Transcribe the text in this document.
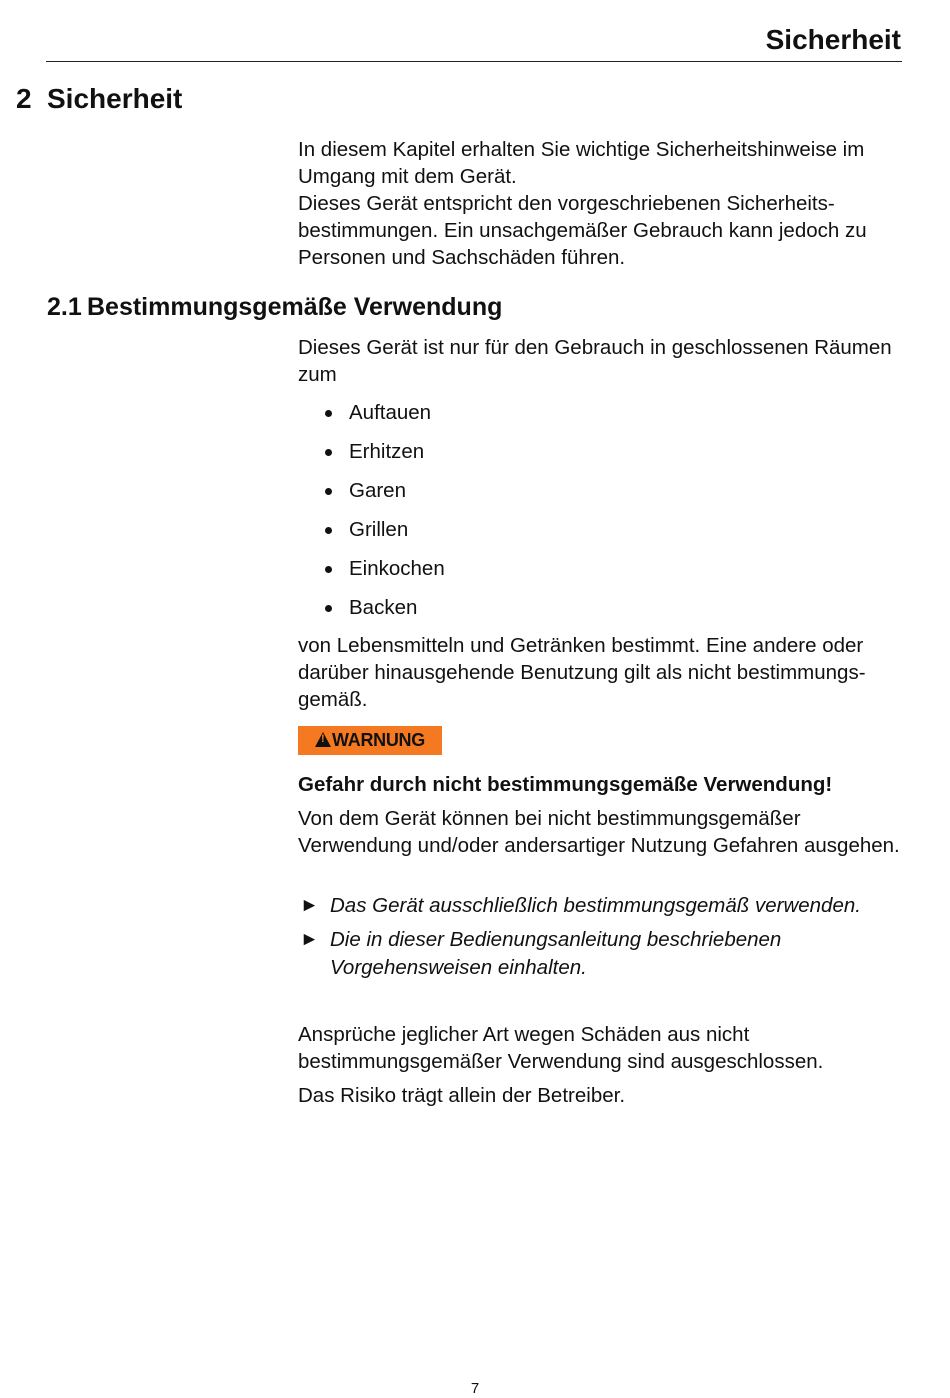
Sicherheit
2 Sicherheit

In diesem Kapitel erhalten Sie wichtige Sicherheitshinweise im Umgang mit dem Gerät.

Dieses Gerät entspricht den vorgeschriebenen Sicherheitsbestimmungen. Ein unsachgemäßer Gebrauch kann jedoch zu Personen und Sachschäden führen.

2.1 Bestimmungsgemäße Verwendung

Dieses Gerät ist nur für den Gebrauch in geschlossenen Räumen zum

Auftauen
Erhitzen
Garen
Grillen
Einkochen
Backen

von Lebensmitteln und Getränken bestimmt. Eine andere oder darüber hinausgehende Benutzung gilt als nicht bestimmungsgemäß.

!WARNUNG
Gefahr durch nicht bestimmungsgemäße Verwendung!

Von dem Gerät können bei nicht bestimmungsgemäßer Verwendung und/oder andersartiger Nutzung Gefahren ausgehen.

► Das Gerät ausschließlich bestimmungsgemäß verwenden.
► Die in dieser Bedienungsanleitung beschriebenen Vorgehensweisen einhalten.

Ansprüche jeglicher Art wegen Schäden aus nicht bestimmungsgemäßer Verwendung sind ausgeschlossen.

Das Risiko trägt allein der Betreiber.

7
